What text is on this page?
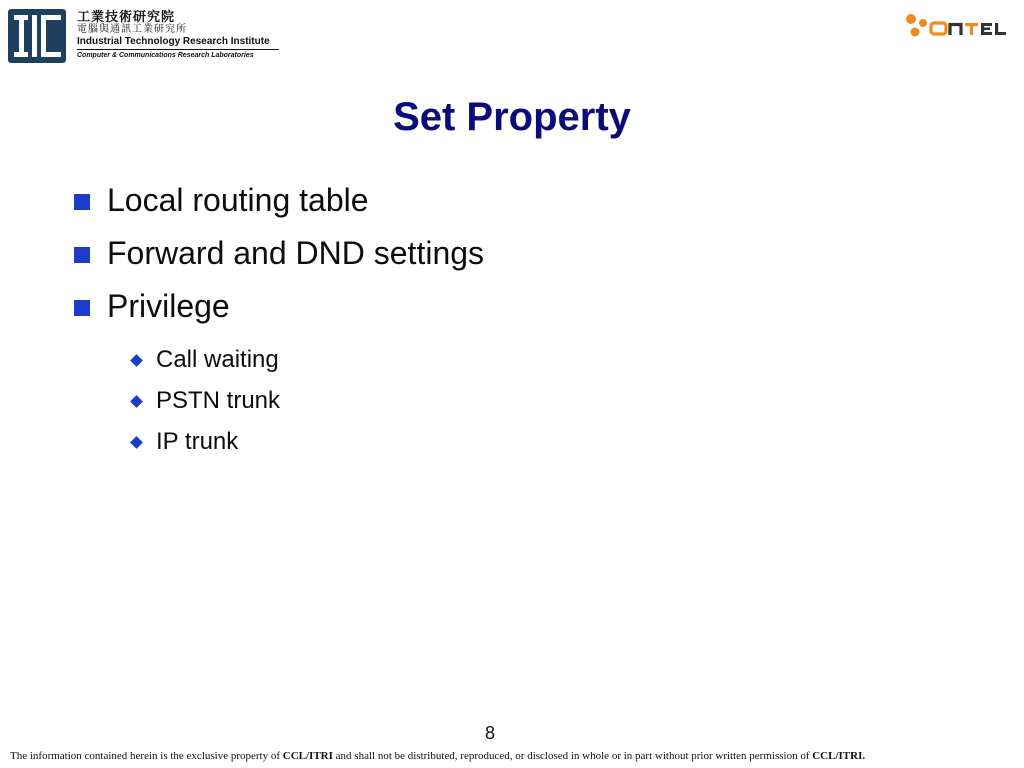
工業技術研究院
電腦與通訊工業研究所
Industrial Technology Research Institute
Computer & Communications Research Laboratories
Set Property
Local routing table
Forward and DND settings
Privilege
Call waiting
PSTN trunk
IP trunk
8
The information contained herein is the exclusive property of CCL/ITRI and shall not be distributed, reproduced, or disclosed in whole or in part without prior written permission of CCL/ITRI.
